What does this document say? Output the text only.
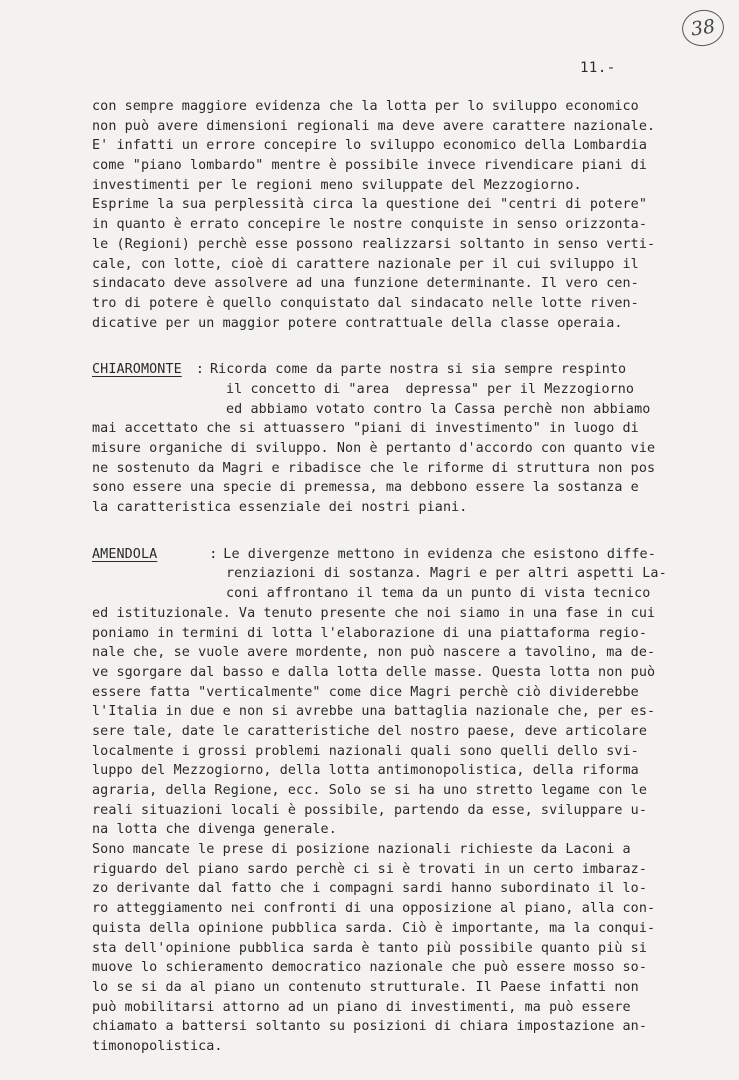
38
11.-
con sempre maggiore evidenza che la lotta per lo sviluppo economico
non può avere dimensioni regionali ma deve avere carattere nazionale.
E' infatti un errore concepire lo sviluppo economico della Lombardia
come "piano lombardo" mentre è possibile invece rivendicare piani di
investimenti per le regioni meno sviluppate del Mezzogiorno.
Esprime la sua perplessità circa la questione dei "centri di potere"
in quanto è errato concepire le nostre conquiste in senso orizzonta-
le (Regioni) perchè esse possono realizzarsi soltanto in senso verti-
cale, con lotte, cioè di carattere nazionale per il cui sviluppo il
sindacato deve assolvere ad una funzione determinante. Il vero cen-
tro di potere è quello conquistato dal sindacato nelle lotte riven-
dicative per un maggior potere contrattuale della classe operaia.
CHIAROMONTE : Ricorda come da parte nostra si sia sempre respinto
il concetto di "area  depressa" per il Mezzogiorno
ed abbiamo votato contro la Cassa perchè non abbiamo
mai accettato che si attuassero "piani di investimento" in luogo di
misure organiche di sviluppo. Non è pertanto d'accordo con quanto vie
ne sostenuto da Magri e ribadisce che le riforme di struttura non pos
sono essere una specie di premessa, ma debbono essere la sostanza e
la caratteristica essenziale dei nostri piani.
AMENDOLA	: Le divergenze mettono in evidenza che esistono diffe-
renziazioni di sostanza. Magri e per altri aspetti La-
coni affrontano il tema da un punto di vista tecnico
ed istituzionale. Va tenuto presente che noi siamo in una fase in cui
poniamo in termini di lotta l'elaborazione di una piattaforma regio-
nale che, se vuole avere mordente, non può nascere a tavolino, ma de-
ve sgorgare dal basso e dalla lotta delle masse. Questa lotta non può
essere fatta "verticalmente" come dice Magri perchè ciò dividerebbe
l'Italia in due e non si avrebbe una battaglia nazionale che, per es-
sere tale, date le caratteristiche del nostro paese, deve articolare
localmente i grossi problemi nazionali quali sono quelli dello svi-
luppo del Mezzogiorno, della lotta antimonopolistica, della riforma
agraria, della Regione, ecc. Solo se si ha uno stretto legame con le
reali situazioni locali è possibile, partendo da esse, sviluppare u-
na lotta che divenga generale.
Sono mancate le prese di posizione nazionali richieste da Laconi a
riguardo del piano sardo perchè ci si è trovati in un certo imbaraz-
zo derivante dal fatto che i compagni sardi hanno subordinato il lo-
ro atteggiamento nei confronti di una opposizione al piano, alla con-
quista della opinione pubblica sarda. Ciò è importante, ma la conqui-
sta dell'opinione pubblica sarda è tanto più possibile quanto più si
muove lo schieramento democratico nazionale che può essere mosso so-
lo se si da al piano un contenuto strutturale. Il Paese infatti non
può mobilitarsi attorno ad un piano di investimenti, ma può essere
chiamato a battersi soltanto su posizioni di chiara impostazione an-
timonopolistica.
